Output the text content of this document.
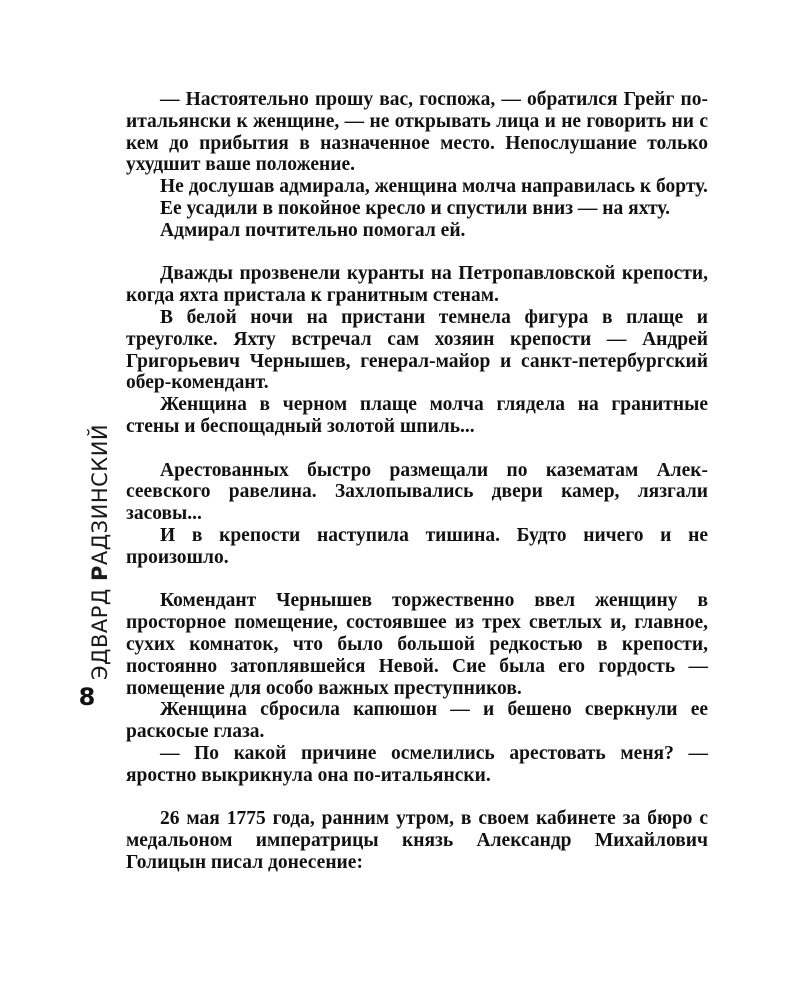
ЭДВАРД РАДЗИНСКИЙ
8

— Настоятельно прошу вас, госпожа, — обратился Грейг по-итальянски к женщине, — не открывать лица и не говорить ни с кем до прибытия в назначенное место. Непослушание только ухудшит ваше положение.

Не дослушав адмирала, женщина молча направилась к борту.

Ее усадили в покойное кресло и спустили вниз — на яхту.

Адмирал почтительно помогал ей.

Дважды прозвенели куранты на Петропавловской крепости, когда яхта пристала к гранитным стенам.

В белой ночи на пристани темнела фигура в плаще и треуголке. Яхту встречал сам хозяин крепости — Андрей Григорьевич Чернышев, генерал-майор и санкт-петербургский обер-комендант.

Женщина в черном плаще молча глядела на гранитные стены и беспощадный золотой шпиль...

Арестованных быстро размещали по казематам Алексеевского равелина. Захлопывались двери камер, лязгали засовы...

И в крепости наступила тишина. Будто ничего и не произошло.

Комендант Чернышев торжественно ввел женщину в просторное помещение, состоявшее из трех светлых и, главное, сухих комнаток, что было большой редкостью в крепости, постоянно затоплявшейся Невой. Сие была его гордость — помещение для особо важных преступников.

Женщина сбросила капюшон — и бешено сверкнули ее раскосые глаза.

— По какой причине осмелились арестовать меня? — яростно выкрикнула она по-итальянски.

26 мая 1775 года, ранним утром, в своем кабинете за бюро с медальоном императрицы князь Александр Михайлович Голицын писал донесение:
